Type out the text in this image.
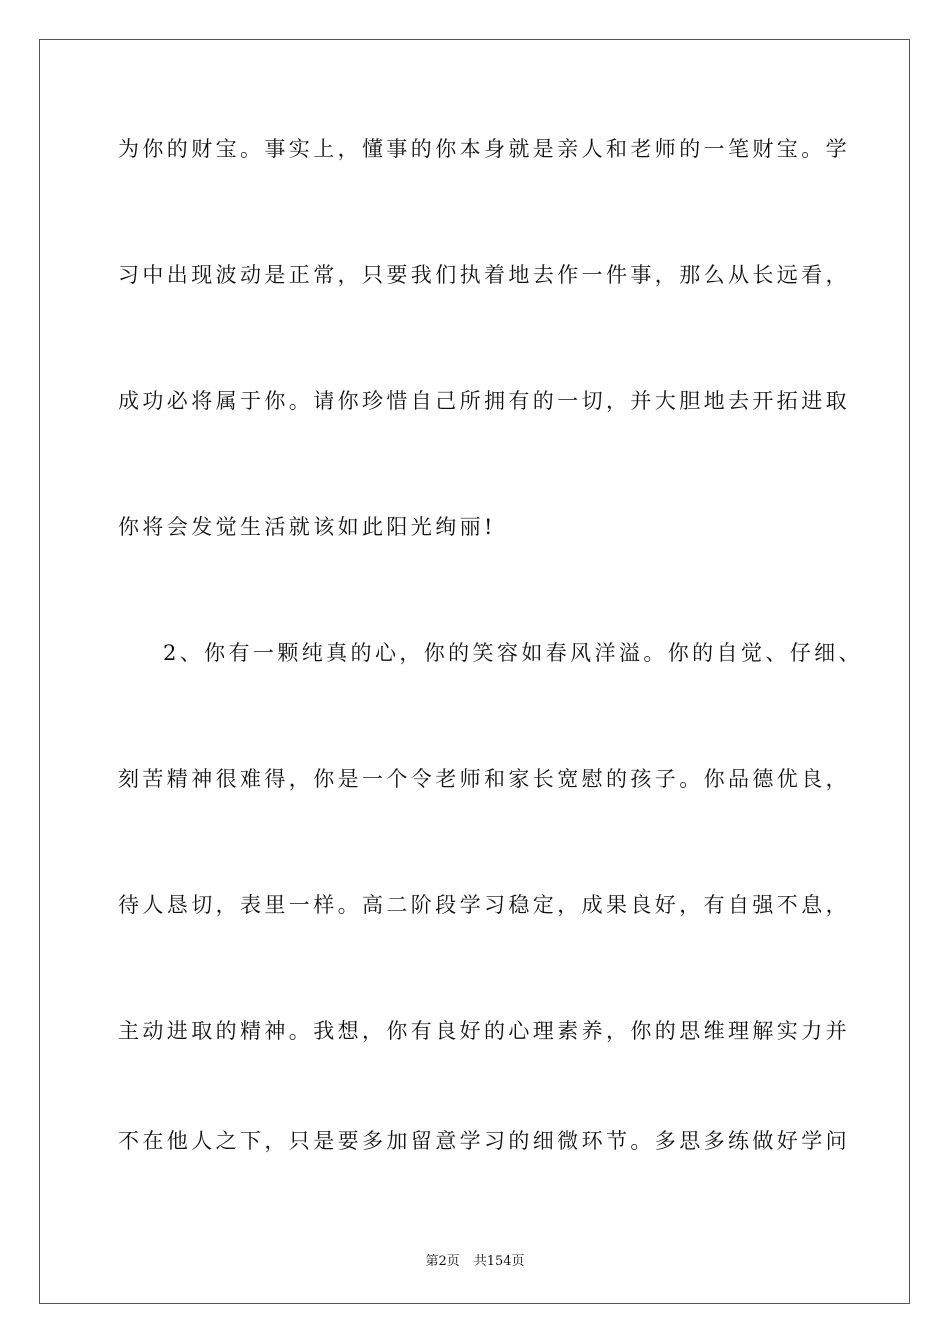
为你的财宝。事实上，懂事的你本身就是亲人和老师的一笔财宝。学
习中出现波动是正常，只要我们执着地去作一件事，那么从长远看，
成功必将属于你。请你珍惜自己所拥有的一切，并大胆地去开拓进取
你将会发觉生活就该如此阳光绚丽!
2、你有一颗纯真的心，你的笑容如春风洋溢。你的自觉、仔细、
刻苦精神很难得，你是一个令老师和家长宽慰的孩子。你品德优良，
待人恳切，表里一样。高二阶段学习稳定，成果良好，有自强不息，
主动进取的精神。我想，你有良好的心理素养，你的思维理解实力并
不在他人之下，只是要多加留意学习的细微环节。多思多练做好学问
第2页 共154页
